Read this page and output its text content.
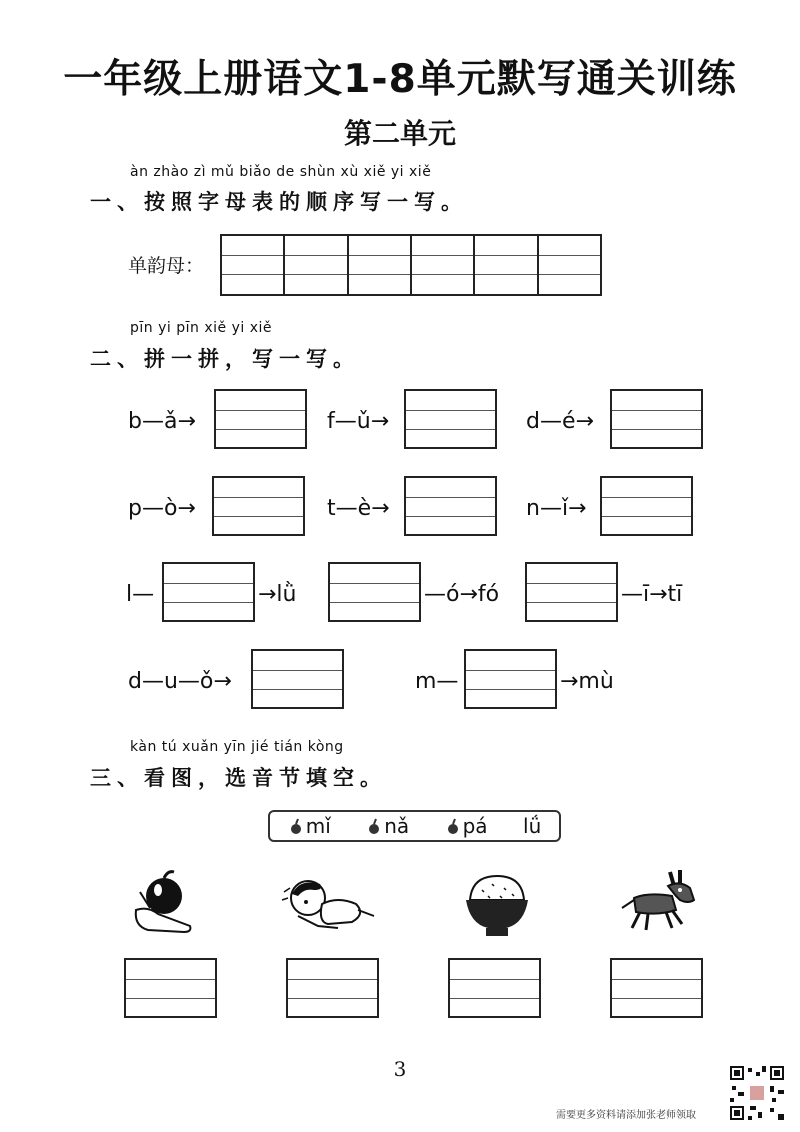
一年级上册语文1-8单元默写通关训练
第二单元
àn zhào zì mǔ biǎo de shùn xù xiě yi xiě
一、按照字母表的顺序写一写。
单韵母：
pīn yi pīn xiě yi xiě
二、拼一拼，写一写。
b—ǎ→	f—ǔ→	d—é→
p—ò→	t—è→	n—ǐ→
l—	→lǜ	—ó→fó	—ī→tī
d—u—ǒ→	m—	→mù
kàn tú xuǎn yīn jié tián kòng
三、看图，选音节填空。
mǐ	nǎ	pá lǘ
3
需要更多资料请添加张老师领取
